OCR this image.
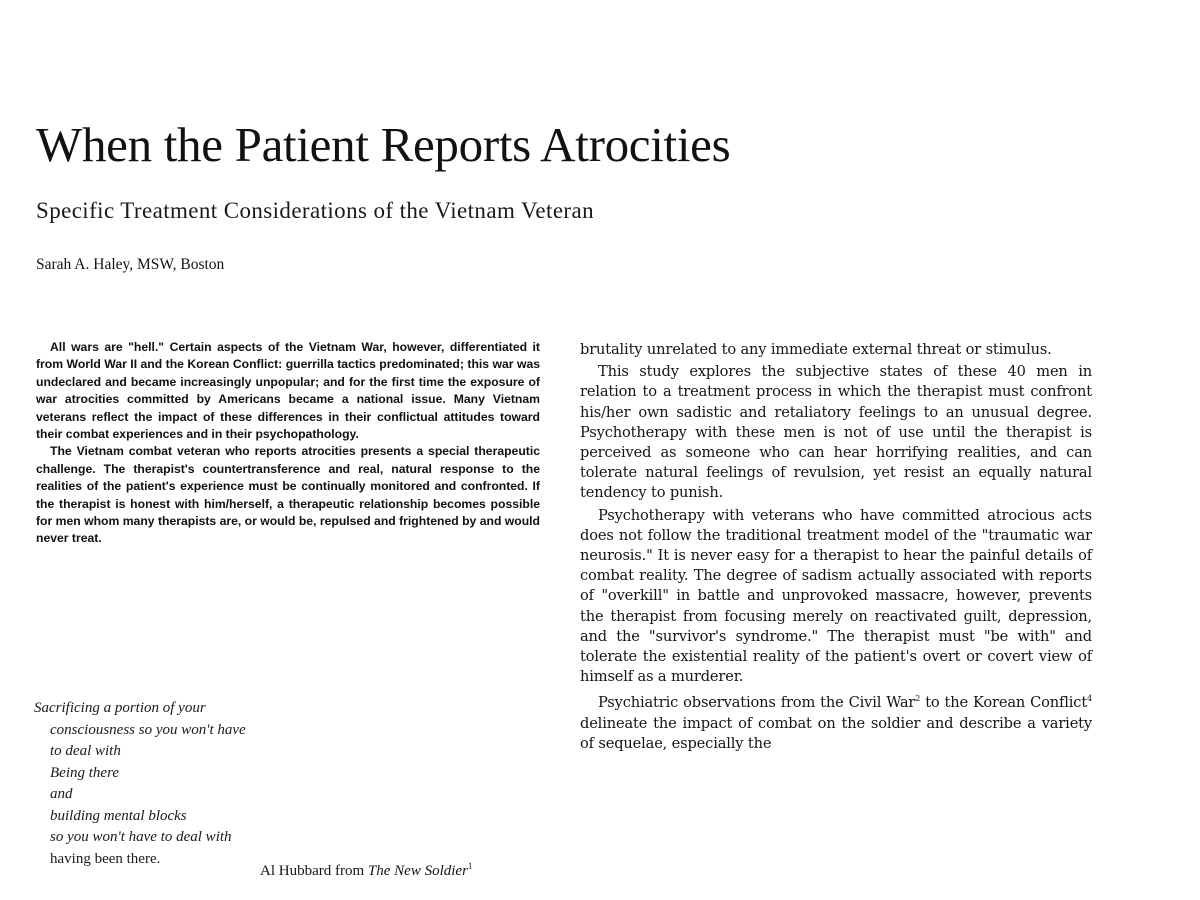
When the Patient Reports Atrocities
Specific Treatment Considerations of the Vietnam Veteran
Sarah A. Haley, MSW, Boston

All wars are "hell." Certain aspects of the Vietnam War, however, differentiated it from World War II and the Korean Conflict: guerrilla tactics predominated; this war was undeclared and became increasingly unpopular; and for the first time the exposure of war atrocities committed by Americans became a national issue. Many Vietnam veterans reflect the impact of these differences in their conflictual attitudes toward their combat experiences and in their psychopathology.

The Vietnam combat veteran who reports atrocities presents a special therapeutic challenge. The therapist's countertransference and real, natural response to the realities of the patient's experience must be continually monitored and confronted. If the therapist is honest with him/herself, a therapeutic relationship becomes possible for men whom many therapists are, or would be, repulsed and frightened by and would never treat.

Sacrificing a portion of your
consciousness so you won't have
to deal with
Being there
and
building mental blocks
so you won't have to deal with
having been there.
Al Hubbard from The New Soldier$^1$

brutality unrelated to any immediate external threat or stimulus.

This study explores the subjective states of these 40 men in relation to a treatment process in which the therapist must confront his/her own sadistic and retaliatory feelings to an unusual degree. Psychotherapy with these men is not of use until the therapist is perceived as someone who can hear horrifying realities, and can tolerate natural feelings of revulsion, yet resist an equally natural tendency to punish.

Psychotherapy with veterans who have committed atrocious acts does not follow the traditional treatment model of the "traumatic war neurosis." It is never easy for a therapist to hear the painful details of combat reality. The degree of sadism actually associated with reports of "overkill" in battle and unprovoked massacre, however, prevents the therapist from focusing merely on reactivated guilt, depression, and the "survivor's syndrome." The therapist must "be with" and tolerate the existential reality of the patient's overt or covert view of himself as a murderer.

Psychiatric observations from the Civil War$^2$ to the Korean Conflict$^4$ delineate the impact of combat on the soldier and describe a variety of sequelae, especially the
